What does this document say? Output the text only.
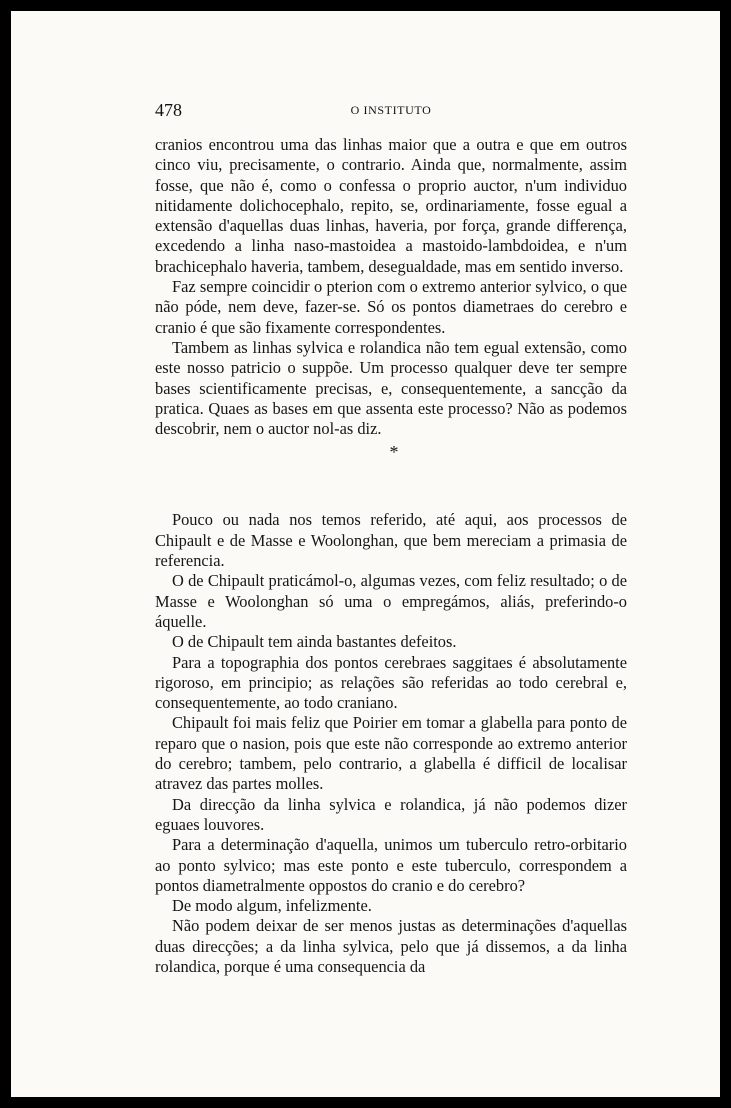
478	O INSTITUTO

cranios encontrou uma das linhas maior que a outra e que em outros cinco viu, precisamente, o contrario. Ainda que, normalmente, assim fosse, que não é, como o confessa o proprio auctor, n'um individuo nitidamente dolichocephalo, repito, se, ordinariamente, fosse egual a extensão d'aquellas duas linhas, haveria, por força, grande differença, excedendo a linha naso-mastoidea a mastoido-lambdoidea, e n'um brachicephalo haveria, tambem, desegualdade, mas em sentido inverso.

Faz sempre coincidir o pterion com o extremo anterior sylvico, o que não póde, nem deve, fazer-se. Só os pontos diametraes do cerebro e cranio é que são fixamente correspondentes.

Tambem as linhas sylvica e rolandica não tem egual extensão, como este nosso patricio o suppõe. Um processo qualquer deve ter sempre bases scientificamente precisas, e, consequentemente, a sancção da pratica. Quaes as bases em que assenta este processo? Não as podemos descobrir, nem o auctor nol-as diz.

*

Pouco ou nada nos temos referido, até aqui, aos processos de Chipault e de Masse e Woolonghan, que bem mereciam a primasia de referencia.

O de Chipault praticámol-o, algumas vezes, com feliz resultado; o de Masse e Woolonghan só uma o empregámos, aliás, preferindo-o áquelle.

O de Chipault tem ainda bastantes defeitos.

Para a topographia dos pontos cerebraes saggitaes é absolutamente rigoroso, em principio; as relações são referidas ao todo cerebral e, consequentemente, ao todo craniano.

Chipault foi mais feliz que Poirier em tomar a glabella para ponto de reparo que o nasion, pois que este não corresponde ao extremo anterior do cerebro; tambem, pelo contrario, a glabella é difficil de localisar atravez das partes molles.

Da direcção da linha sylvica e rolandica, já não podemos dizer eguaes louvores.

Para a determinação d'aquella, unimos um tuberculo retro-orbitario ao ponto sylvico; mas este ponto e este tuberculo, correspondem a pontos diametralmente oppostos do cranio e do cerebro?

De modo algum, infelizmente.

Não podem deixar de ser menos justas as determinações d'aquellas duas direcções; a da linha sylvica, pelo que já dissemos, a da linha rolandica, porque é uma consequencia da
